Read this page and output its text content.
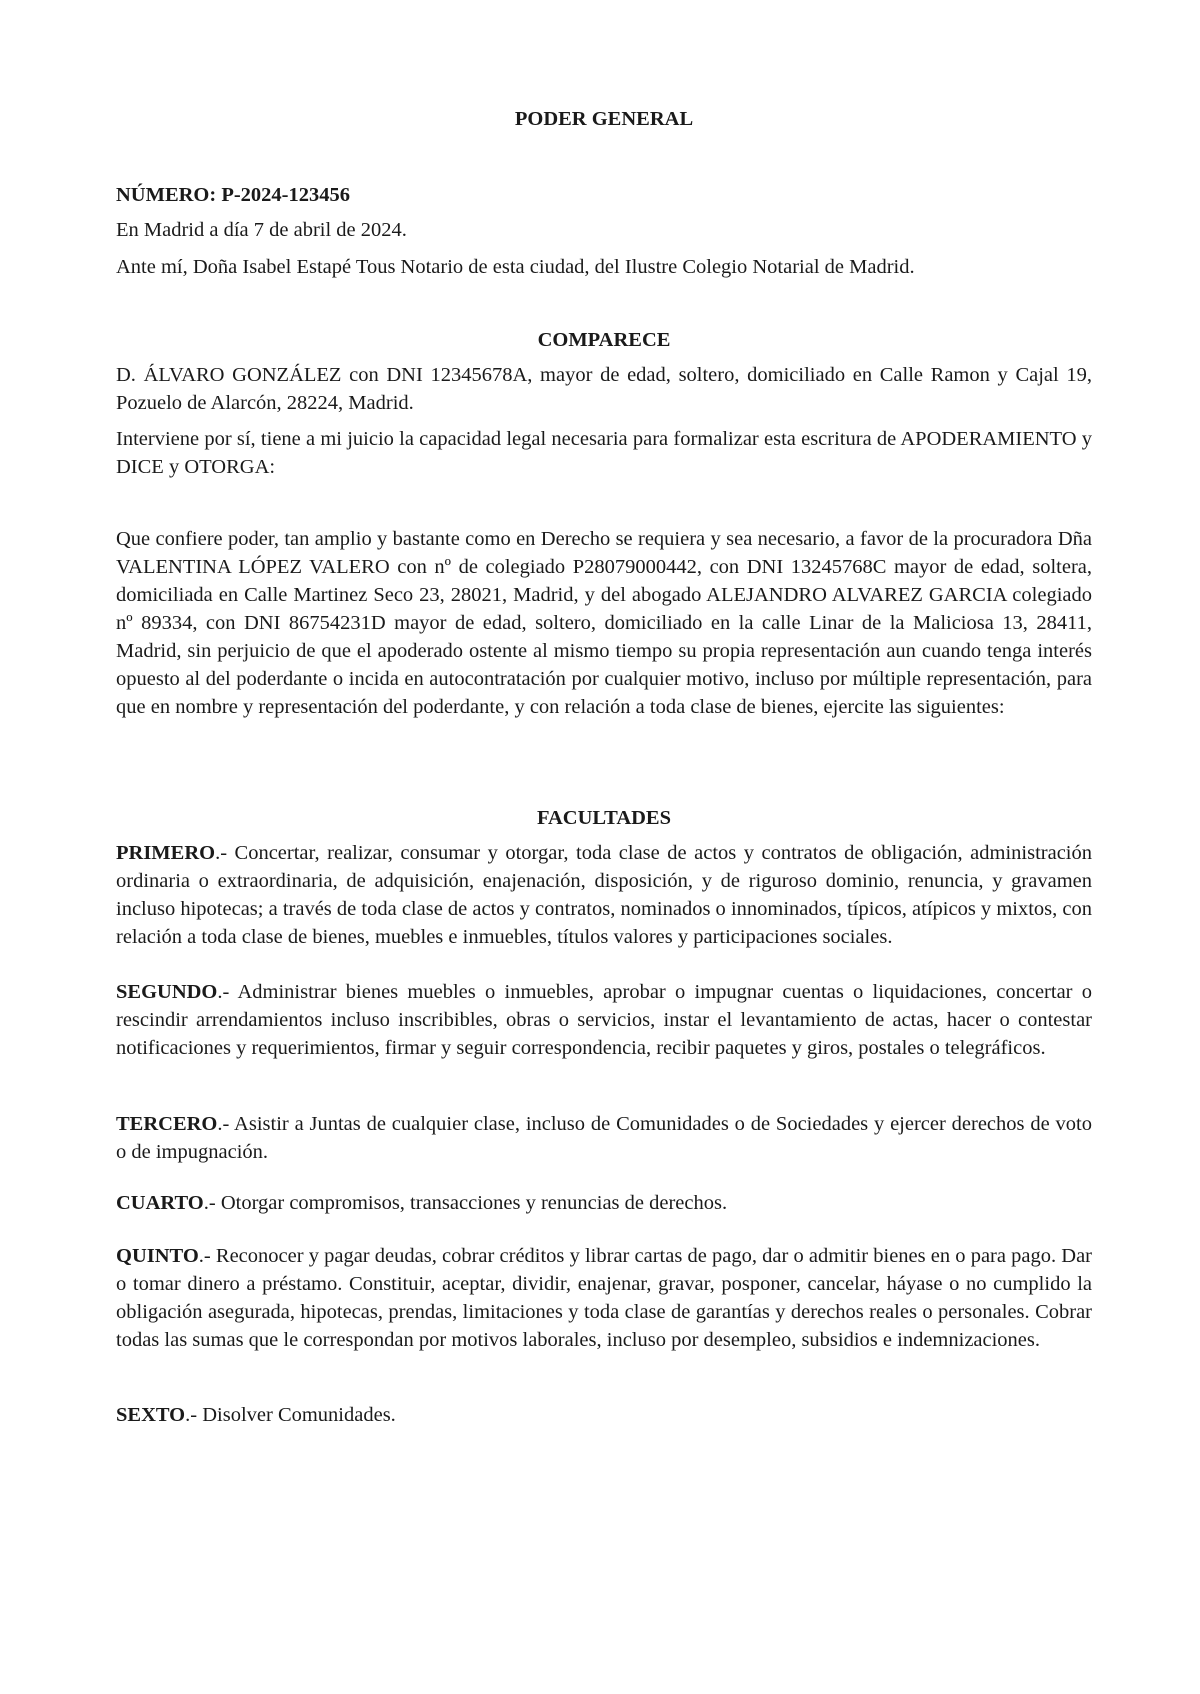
PODER GENERAL

NÚMERO: P-2024-123456

En Madrid a día 7 de abril de 2024.

Ante mí, Doña Isabel Estapé Tous Notario de esta ciudad, del Ilustre Colegio Notarial de Madrid.

COMPARECE

D. ÁLVARO GONZÁLEZ con DNI 12345678A, mayor de edad, soltero, domiciliado en Calle Ramon y Cajal 19, Pozuelo de Alarcón, 28224, Madrid.

Interviene por sí, tiene a mi juicio la capacidad legal necesaria para formalizar esta escritura de APODERAMIENTO y DICE y OTORGA:

Que confiere poder, tan amplio y bastante como en Derecho se requiera y sea necesario, a favor de la procuradora Dña VALENTINA LÓPEZ VALERO con nº de colegiado P28079000442, con DNI 13245768C mayor de edad, soltera, domiciliada en Calle Martinez Seco 23, 28021, Madrid, y del abogado ALEJANDRO ALVAREZ GARCIA colegiado nº 89334, con DNI 86754231D mayor de edad, soltero, domiciliado en la calle Linar de la Maliciosa 13, 28411, Madrid, sin perjuicio de que el apoderado ostente al mismo tiempo su propia representación aun cuando tenga interés opuesto al del poderdante o incida en autocontratación por cualquier motivo, incluso por múltiple representación, para que en nombre y representación del poderdante, y con relación a toda clase de bienes, ejercite las siguientes:

FACULTADES

PRIMERO.- Concertar, realizar, consumar y otorgar, toda clase de actos y contratos de obligación, administración ordinaria o extraordinaria, de adquisición, enajenación, disposición, y de riguroso dominio, renuncia, y gravamen incluso hipotecas; a través de toda clase de actos y contratos, nominados o innominados, típicos, atípicos y mixtos, con relación a toda clase de bienes, muebles e inmuebles, títulos valores y participaciones sociales.

SEGUNDO.- Administrar bienes muebles o inmuebles, aprobar o impugnar cuentas o liquidaciones, concertar o rescindir arrendamientos incluso inscribibles, obras o servicios, instar el levantamiento de actas, hacer o contestar notificaciones y requerimientos, firmar y seguir correspondencia, recibir paquetes y giros, postales o telegráficos.

TERCERO.- Asistir a Juntas de cualquier clase, incluso de Comunidades o de Sociedades y ejercer derechos de voto o de impugnación.

CUARTO.- Otorgar compromisos, transacciones y renuncias de derechos.

QUINTO.- Reconocer y pagar deudas, cobrar créditos y librar cartas de pago, dar o admitir bienes en o para pago. Dar o tomar dinero a préstamo. Constituir, aceptar, dividir, enajenar, gravar, posponer, cancelar, háyase o no cumplido la obligación asegurada, hipotecas, prendas, limitaciones y toda clase de garantías y derechos reales o personales. Cobrar todas las sumas que le correspondan por motivos laborales, incluso por desempleo, subsidios e indemnizaciones.

SEXTO.- Disolver Comunidades.
